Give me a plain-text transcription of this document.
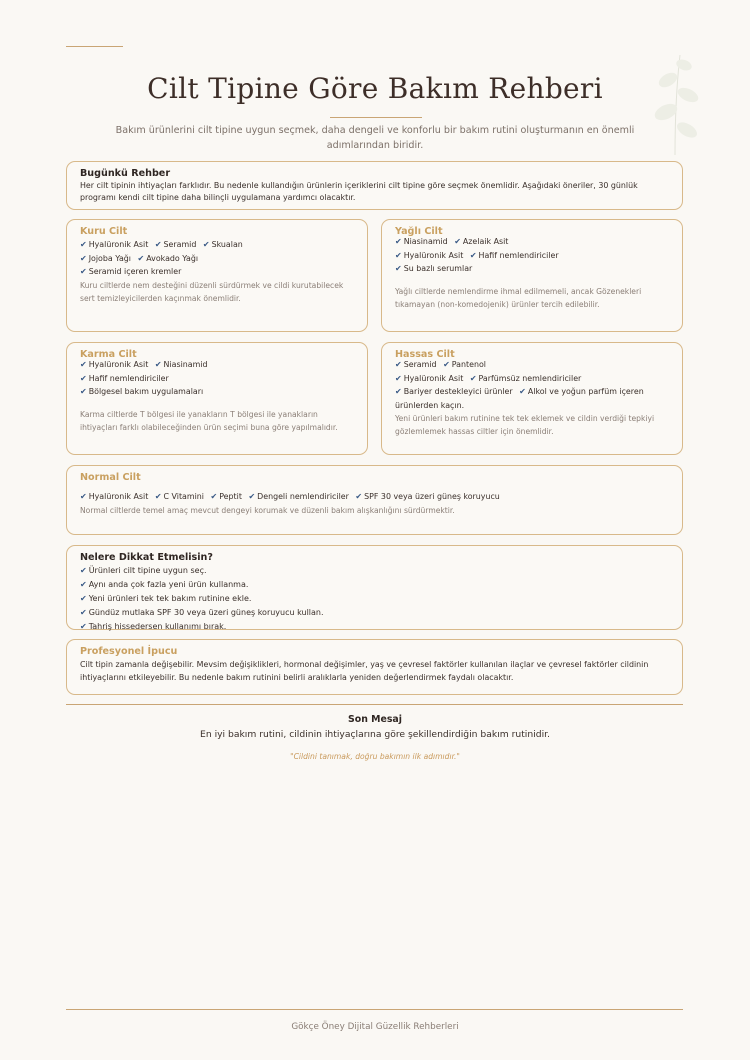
Cilt Tipine Göre Bakım Rehberi
Bakım ürünlerini cilt tipine uygun seçmek, daha dengeli ve konforlu bir bakım rutini oluşturmanın en önemli adımlarından biridir.
Bugünkü Rehber
Her cilt tipinin ihtiyaçları farklıdır. Bu nedenle kullandığın ürünlerin içeriklerini cilt tipine göre seçmek önemlidir. Aşağıdaki öneriler, 30 günlük programı kendi cilt tipine daha bilinçli uygulamana yardımcı olacaktır.
Kuru Cilt
✔ Hyalüronik Asit ✔ Seramid ✔ Skualan
✔ Jojoba Yağı ✔ Avokado Yağı
✔ Seramid içeren kremler
Kuru ciltlerde nem desteğini düzenli sürdürmek ve cildi kurutabilecek sert temizleyicilerden kaçınmak önemlidir.
Yağlı Cilt
✔ Niasinamid ✔ Azelaik Asit
✔ Hyalüronik Asit ✔ Hafif nemlendiriciler
✔ Su bazlı serumlar
Yağlı ciltlerde nemlendirme ihmal edilmemeli, ancak Gözenekleri tıkamayan (non-komedojenik) ürünler tercih edilebilir.
Karma Cilt
✔ Hyalüronik Asit ✔ Niasinamid
✔ Hafif nemlendiriciler
✔ Bölgesel bakım uygulamaları
Karma ciltlerde T bölgesi ile yanakların T bölgesi ile yanakların ihtiyaçları farklı olabileceğinden ürün seçimi buna göre yapılmalıdır.
Hassas Cilt
✔ Seramid ✔ Pantenol
✔ Hyalüronik Asit ✔ Parfümsüz nemlendiriciler
✔ Bariyer destekleyici ürünler ✔ Alkol ve yoğun parfüm içeren ürünlerden kaçın.
Yeni ürünleri bakım rutinine tek tek eklemek ve cildin verdiği tepkiyi gözlemlemek hassas ciltler için önemlidir.
Normal Cilt
✔ Hyalüronik Asit ✔ C Vitamini ✔ Peptit ✔ Dengeli nemlendiriciler ✔ SPF 30 veya üzeri güneş koruyucu
Normal ciltlerde temel amaç mevcut dengeyi korumak ve düzenli bakım alışkanlığını sürdürmektir.
Nelere Dikkat Etmelisin?
✔ Ürünleri cilt tipine uygun seç.
✔ Aynı anda çok fazla yeni ürün kullanma.
✔ Yeni ürünleri tek tek bakım rutinine ekle.
✔ Gündüz mutlaka SPF 30 veya üzeri güneş koruyucu kullan.
✔ Tahriş hissedersen kullanımı bırak.
Profesyonel İpucu
Cilt tipin zamanla değişebilir. Mevsim değişiklikleri, hormonal değişimler, yaş ve çevresel faktörler kullanılan ilaçlar ve çevresel faktörler cildinin ihtiyaçlarını etkileyebilir. Bu nedenle bakım rutinini belirli aralıklarla yeniden değerlendirmek faydalı olacaktır.
Son Mesaj
En iyi bakım rutini, cildinin ihtiyaçlarına göre şekillendirdiğin bakım rutinidir.
"Cildini tanımak, doğru bakımın ilk adımıdır."
Gökçe Öney Dijital Güzellik Rehberleri
